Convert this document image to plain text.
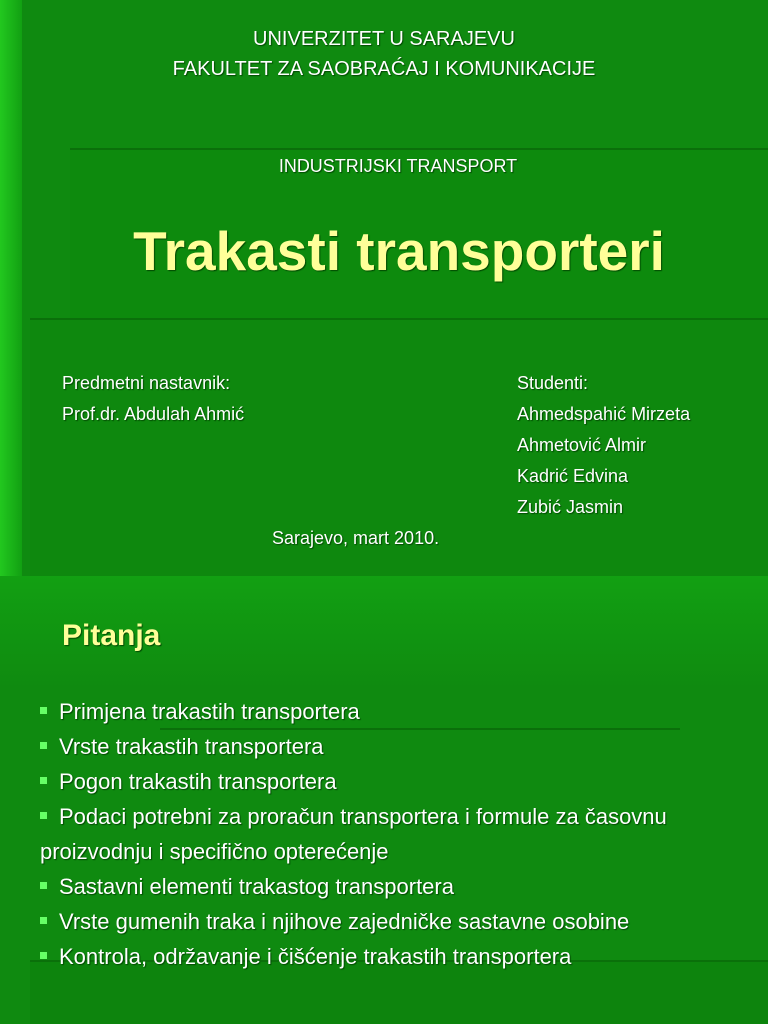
UNIVERZITET U SARAJEVU
FAKULTET ZA SAOBRAĆAJ I KOMUNIKACIJE
INDUSTRIJSKI TRANSPORT
Trakasti transporteri
Predmetni nastavnik:
Prof.dr. Abdulah Ahmić
Studenti:
Ahmedspahić Mirzeta
Ahmetović Almir
Kadrić Edvina
Zubić Jasmin
Sarajevo, mart 2010.
Pitanja
Primjena trakastih transportera
Vrste trakastih transportera
Pogon trakastih transportera
Podaci potrebni za proračun transportera i formule za časovnu proizvodnju i specifično opterećenje
Sastavni elementi trakastog transportera
Vrste gumenih traka i njihove zajedničke sastavne osobine
Kontrola, održavanje i čišćenje trakastih transportera
